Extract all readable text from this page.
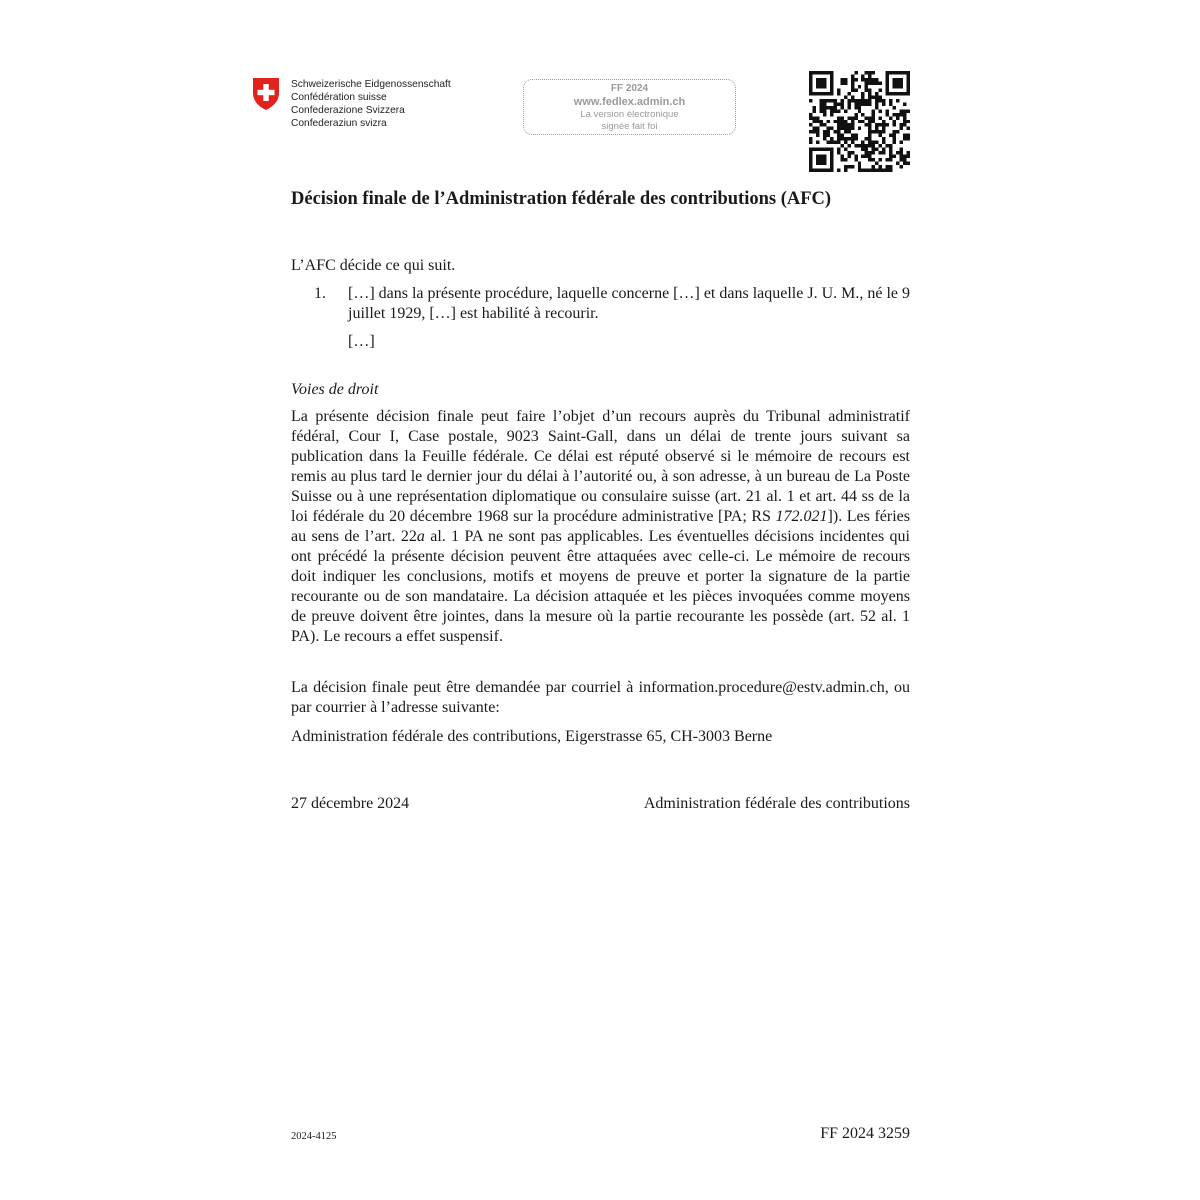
Schweizerische Eidgenossenschaft
Confédération suisse
Confederazione Svizzera
Confederaziun svizra
FF 2024
www.fedlex.admin.ch
La version électronique
signée fait foi
Décision finale de l’Administration fédérale des contributions (AFC)
L’AFC décide ce qui suit.
1. […] dans la présente procédure, laquelle concerne […] et dans laquelle J. U. M., né le 9 juillet 1929, […] est habilité à recourir.
[…]
Voies de droit
La présente décision finale peut faire l’objet d’un recours auprès du Tribunal administratif fédéral, Cour I, Case postale, 9023 Saint-Gall, dans un délai de trente jours suivant sa publication dans la Feuille fédérale. Ce délai est réputé observé si le mémoire de recours est remis au plus tard le dernier jour du délai à l’autorité ou, à son adresse, à un bureau de La Poste Suisse ou à une représentation diplomatique ou consulaire suisse (art. 21 al. 1 et art. 44 ss de la loi fédérale du 20 décembre 1968 sur la procédure administrative [PA; RS 172.021]). Les féries au sens de l’art. 22a al. 1 PA ne sont pas applicables. Les éventuelles décisions incidentes qui ont précédé la présente décision peuvent être attaquées avec celle-ci. Le mémoire de recours doit indiquer les conclusions, motifs et moyens de preuve et porter la signature de la partie recourante ou de son mandataire. La décision attaquée et les pièces invoquées comme moyens de preuve doivent être jointes, dans la mesure où la partie recourante les possède (art. 52 al. 1 PA). Le recours a effet suspensif.
La décision finale peut être demandée par courriel à information.procedure@estv.admin.ch, ou par courrier à l’adresse suivante:
Administration fédérale des contributions, Eigerstrasse 65, CH-3003 Berne
27 décembre 2024	Administration fédérale des contributions
2024-4125	FF 2024 3259
